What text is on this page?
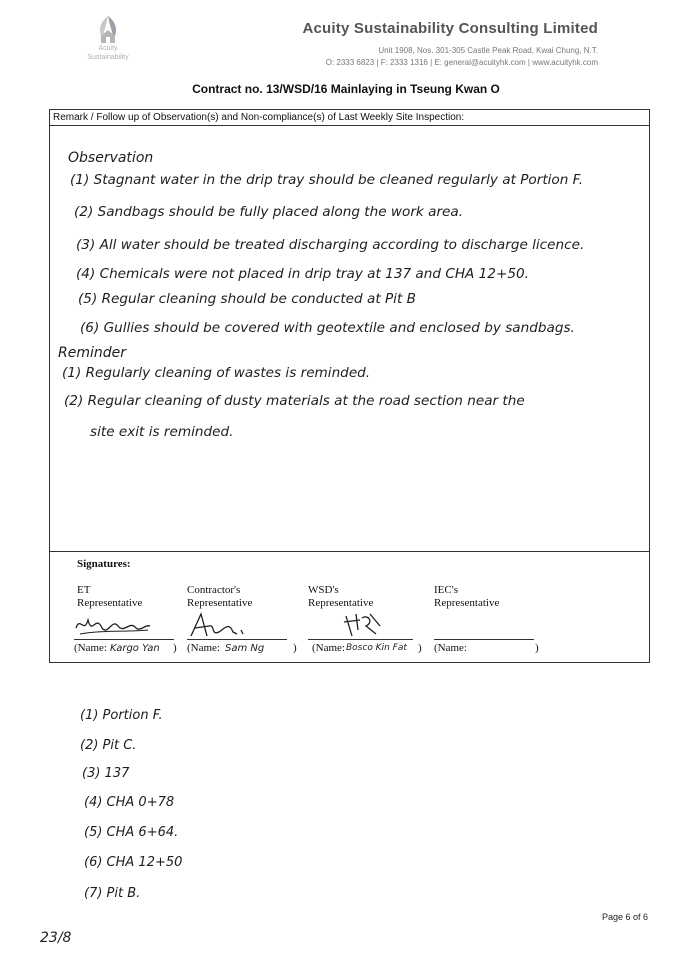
Acuity
Sustainability
Acuity Sustainability Consulting Limited
Unit 1908, Nos. 301-305 Castle Peak Road, Kwai Chung, N.T.
O: 2333 6823 | F: 2333 1316 | E: general@acuityhk.com | www.acuityhk.com
Contract no. 13/WSD/16 Mainlaying in Tseung Kwan O
Remark / Follow up of Observation(s) and Non-compliance(s) of Last Weekly Site Inspection:
Observation
(1) Stagnant water in the drip tray should be cleaned regularly at Portion F.
(2) Sandbags should be fully placed along the work area.
(3) All water should be treated discharging according to discharge licence.
(4) Chemicals were not placed in drip tray at 137 and CHA 12+50.
(5) Regular cleaning should be conducted at Pit B
(6) Gullies should be covered with geotextile and enclosed by sandbags.
Reminder
(1) Regularly cleaning of wastes is reminded.
(2) Regular cleaning of dusty materials at the road section near the
site exit is reminded.
Signatures:
ET
Representative
(Name: Kargo Yan )
Contractor's
Representative
(Name: Sam Ng	)
WSD's
Representative
(Name: Bosco Kin Fat )
IEC's
Representative
(Name:	)
(1) Portion F.
(2) Pit C.
(3) 137
(4) CHA 0+78
(5) CHA 6+64.
(6) CHA 12+50
(7) Pit B.
23/8
Page 6 of 6
